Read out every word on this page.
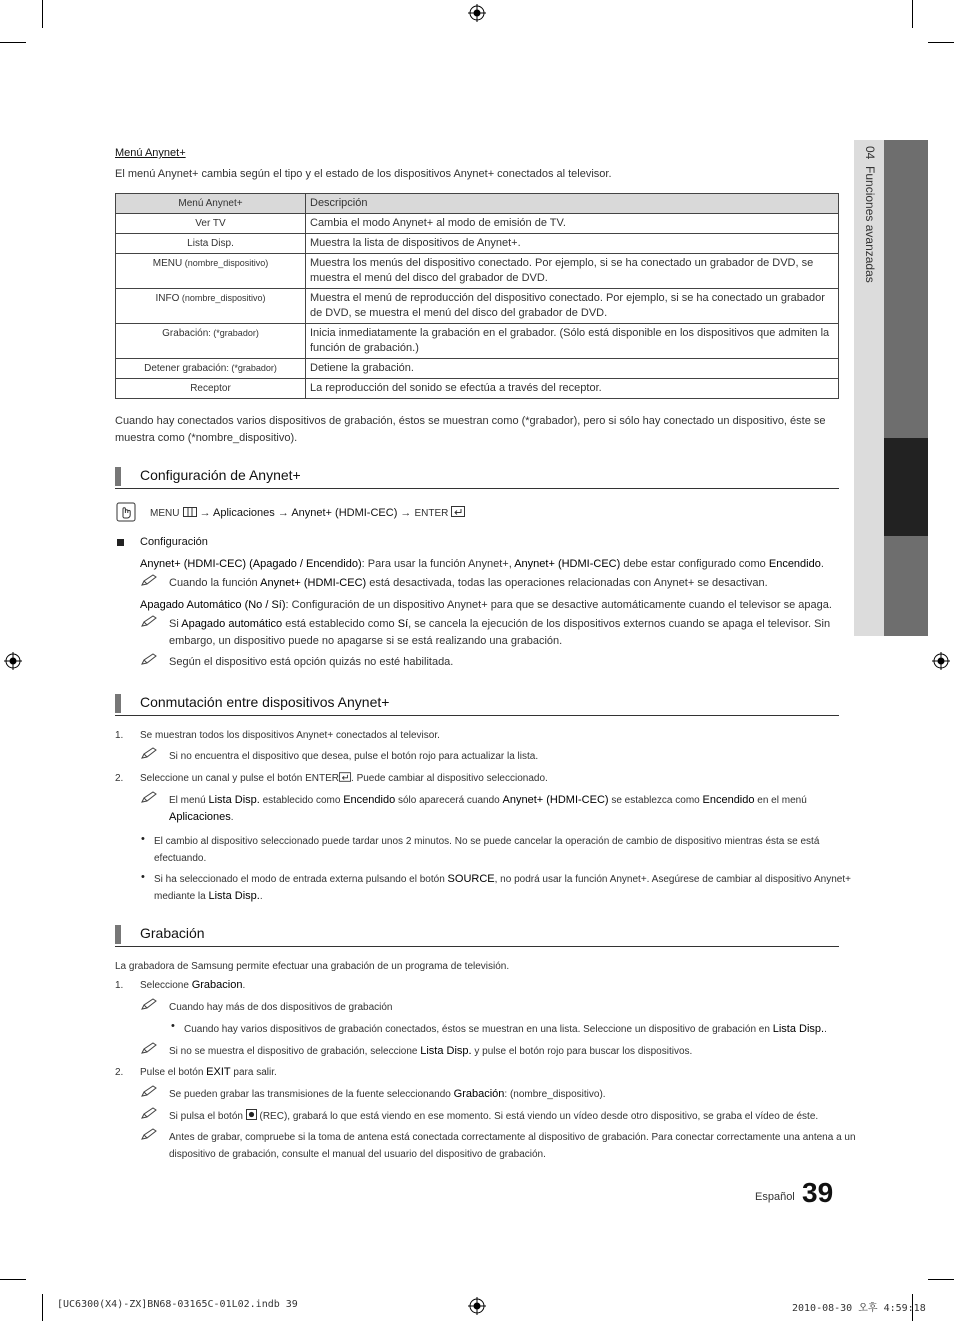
04  Funciones avanzadas
Menú Anynet+
El menú Anynet+ cambia según el tipo y el estado de los dispositivos Anynet+ conectados al televisor.
Menú Anynet+	Descripción
Ver TV	Cambia el modo Anynet+ al modo de emisión de TV.
Lista Disp.	Muestra la lista de dispositivos de Anynet+.
MENU (nombre_dispositivo)	Muestra los menús del dispositivo conectado. Por ejemplo, si se ha conectado un grabador de DVD, se muestra el menú del disco del grabador de DVD.
INFO (nombre_dispositivo)	Muestra el menú de reproducción del dispositivo conectado. Por ejemplo, si se ha conectado un grabador de DVD, se muestra el menú del disco del grabador de DVD.
Grabación: (*grabador)	Inicia inmediatamente la grabación en el grabador. (Sólo está disponible en los dispositivos que admiten la función de grabación.)
Detener grabación: (*grabador)	Detiene la grabación.
Receptor	La reproducción del sonido se efectúa a través del receptor.
Cuando hay conectados varios dispositivos de grabación, éstos se muestran como (*grabador), pero si sólo hay conectado un dispositivo, éste se muestra como (*nombre_dispositivo).
Configuración de Anynet+
MENU  → Aplicaciones → Anynet+ (HDMI-CEC) → ENTER
Configuración
Anynet+ (HDMI-CEC) (Apagado / Encendido): Para usar la función Anynet+, Anynet+ (HDMI-CEC) debe estar configurado como Encendido.
Cuando la función Anynet+ (HDMI-CEC) está desactivada, todas las operaciones relacionadas con Anynet+ se desactivan.
Apagado Automático (No / Sí): Configuración de un dispositivo Anynet+ para que se desactive automáticamente cuando el televisor se apaga.
Si Apagado automático está establecido como Sí, se cancela la ejecución de los dispositivos externos cuando se apaga el televisor. Sin
embargo, un dispositivo puede no apagarse si se está realizando una grabación.
Según el dispositivo está opción quizás no esté habilitada.
Conmutación entre dispositivos Anynet+
1. Se muestran todos los dispositivos Anynet+ conectados al televisor.
Si no encuentra el dispositivo que desea, pulse el botón rojo para actualizar la lista.
2. Seleccione un canal y pulse el botón ENTER . Puede cambiar al dispositivo seleccionado.
El menú Lista Disp. establecido como Encendido sólo aparecerá cuando Anynet+ (HDMI-CEC) se establezca como Encendido en el menú
Aplicaciones.
• El cambio al dispositivo seleccionado puede tardar unos 2 minutos. No se puede cancelar la operación de cambio de dispositivo mientras ésta se está
efectuando.
• Si ha seleccionado el modo de entrada externa pulsando el botón SOURCE, no podrá usar la función Anynet+. Asegúrese de cambiar al dispositivo Anynet+
mediante la Lista Disp..
Grabación
La grabadora de Samsung permite efectuar una grabación de un programa de televisión.
1. Seleccione Grabacion.
Cuando hay más de dos dispositivos de grabación
• Cuando hay varios dispositivos de grabación conectados, éstos se muestran en una lista. Seleccione un dispositivo de grabación en Lista Disp..
Si no se muestra el dispositivo de grabación, seleccione Lista Disp. y pulse el botón rojo para buscar los dispositivos.
2. Pulse el botón EXIT para salir.
Se pueden grabar las transmisiones de la fuente seleccionando Grabación: (nombre_dispositivo).
Si pulsa el botón  (REC), grabará lo que está viendo en ese momento. Si está viendo un vídeo desde otro dispositivo, se graba el vídeo de éste.
Antes de grabar, compruebe si la toma de antena está conectada correctamente al dispositivo de grabación. Para conectar correctamente una antena a un
dispositivo de grabación, consulte el manual del usuario del dispositivo de grabación.
Español 39
[UC6300(X4)-ZX]BN68-03165C-01L02.indb 39	2010-08-30 오후 4:59:18
